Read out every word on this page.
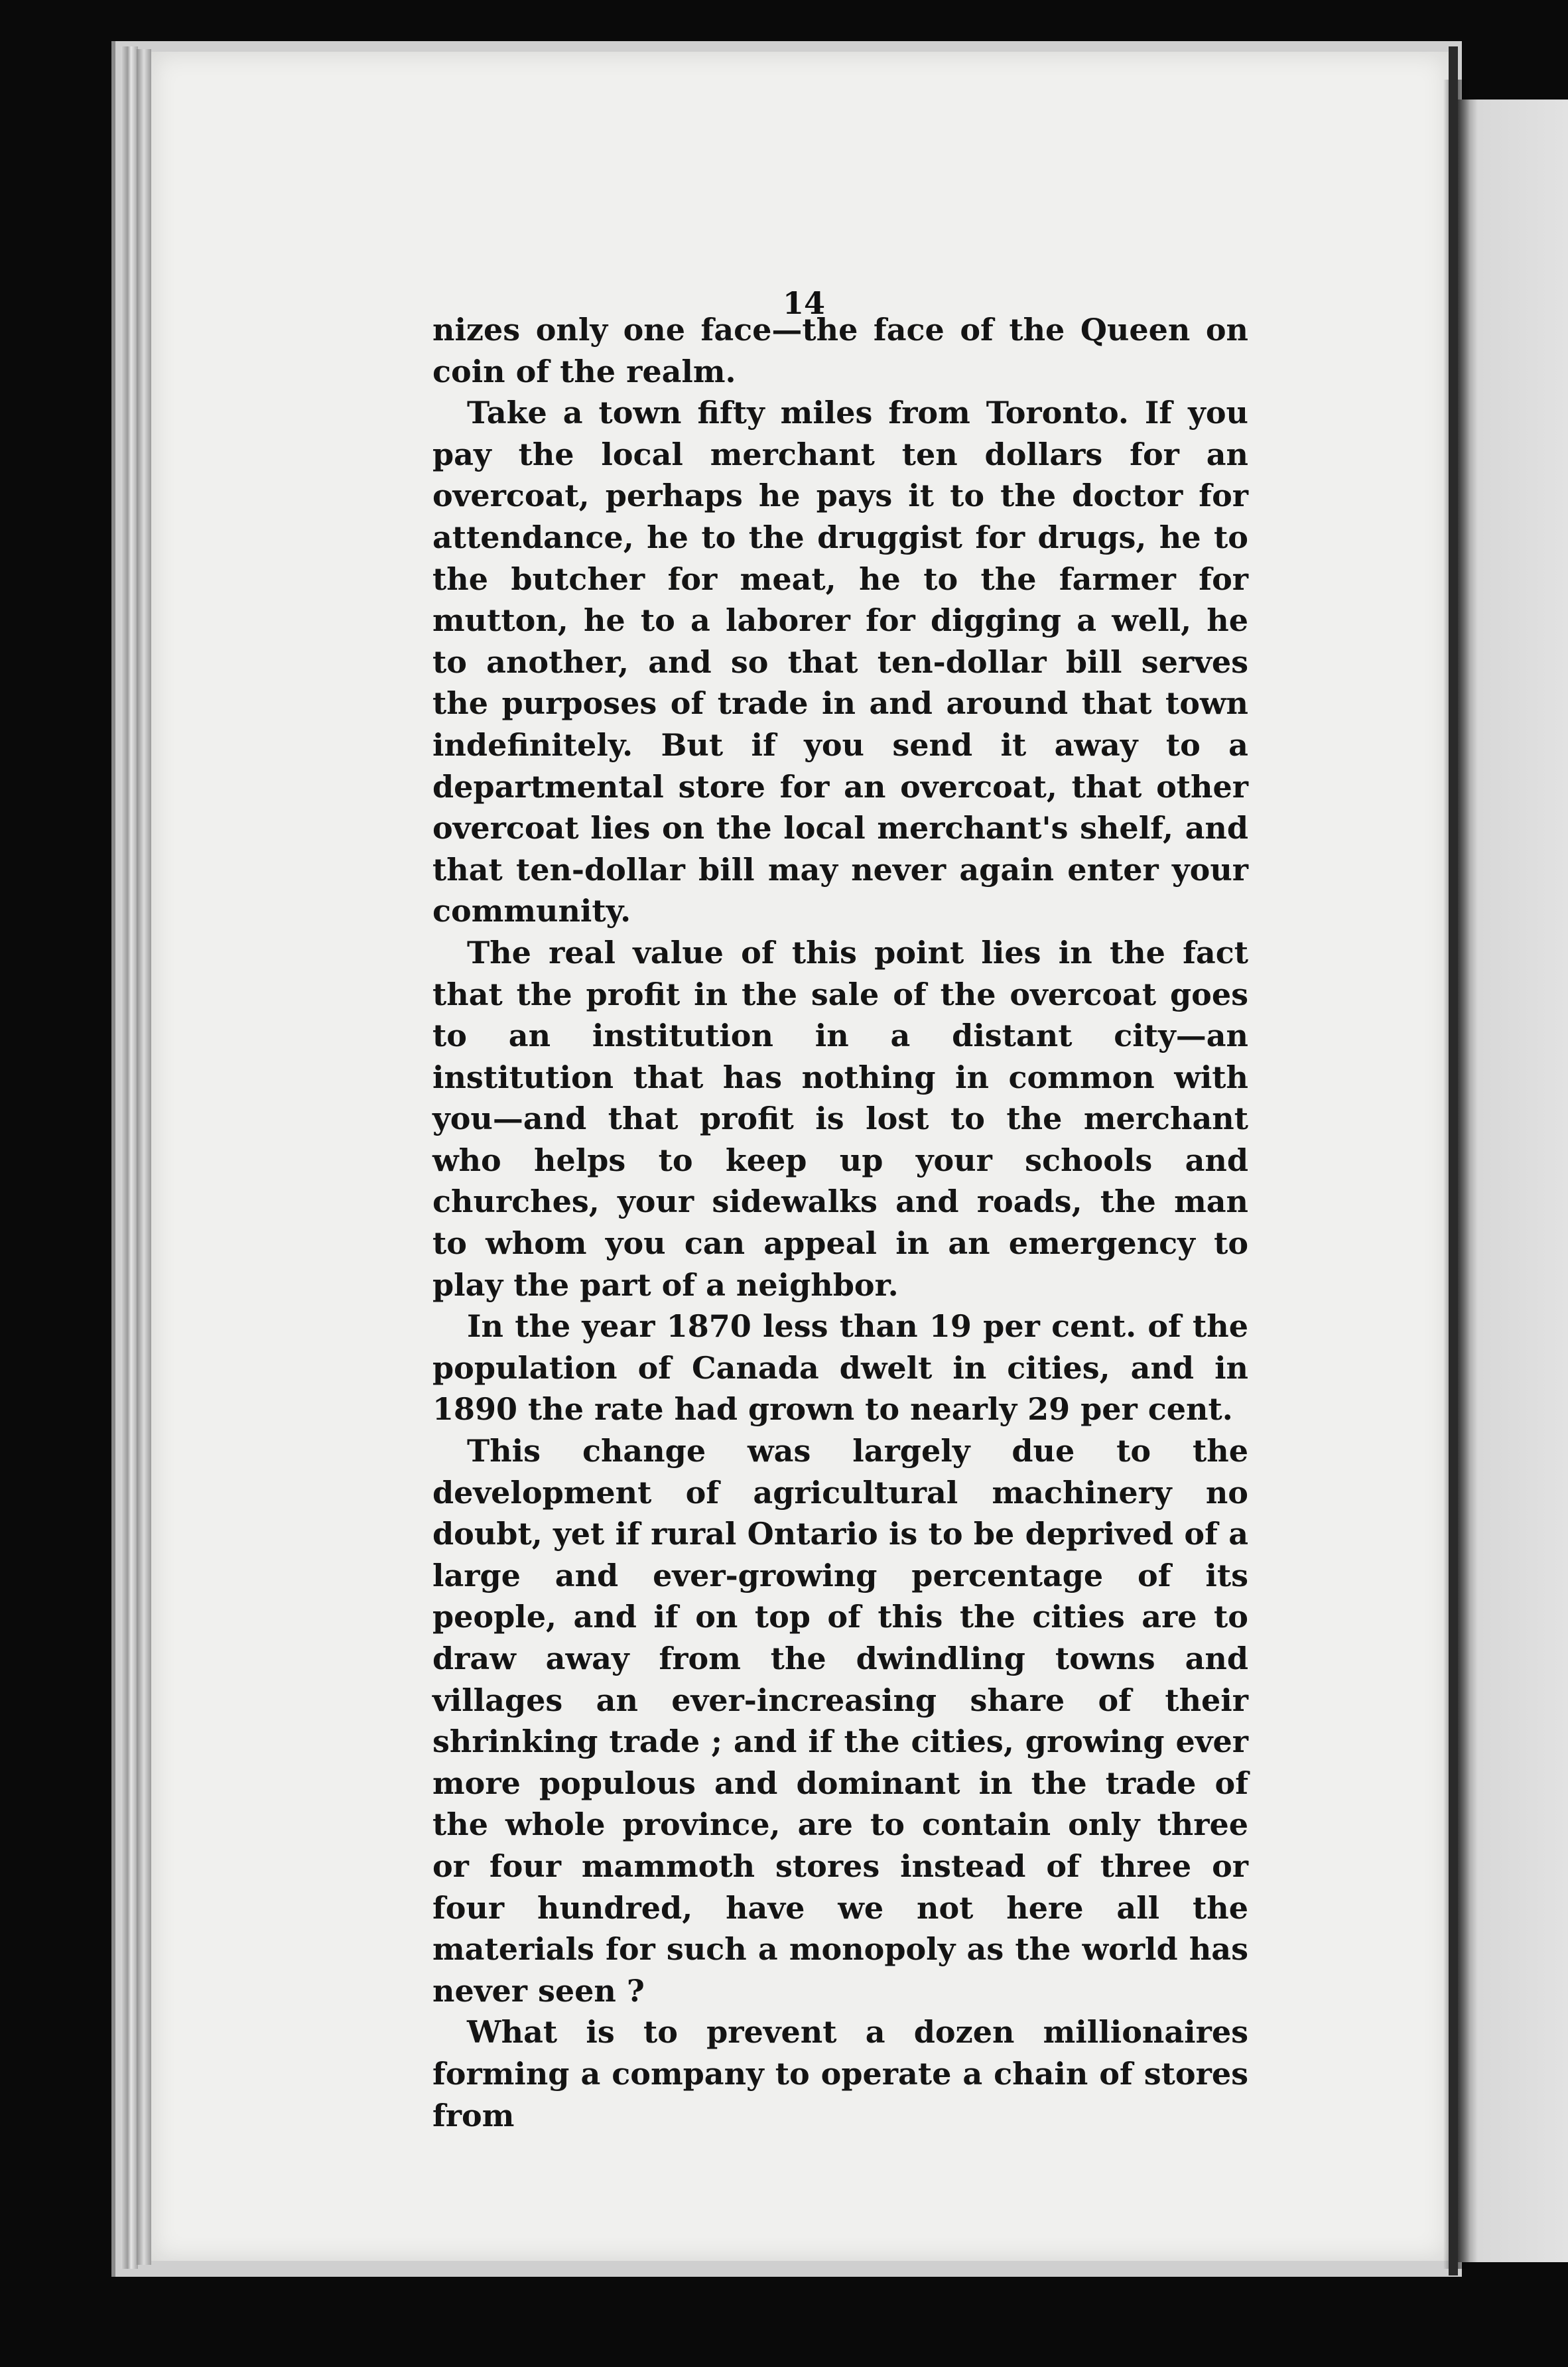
14

nizes only one face—the face of the Queen on coin of the realm.

Take a town fifty miles from Toronto. If you pay the local merchant ten dollars for an overcoat, perhaps he pays it to the doctor for attendance, he to the druggist for drugs, he to the butcher for meat, he to the farmer for mutton, he to a laborer for digging a well, he to another, and so that ten-dollar bill serves the purposes of trade in and around that town indefinitely. But if you send it away to a departmental store for an overcoat, that other overcoat lies on the local merchant's shelf, and that ten-dollar bill may never again enter your community.

The real value of this point lies in the fact that the profit in the sale of the overcoat goes to an institution in a distant city—an institution that has nothing in common with you—and that profit is lost to the merchant who helps to keep up your schools and churches, your sidewalks and roads, the man to whom you can appeal in an emergency to play the part of a neighbor.

In the year 1870 less than 19 per cent. of the population of Canada dwelt in cities, and in 1890 the rate had grown to nearly 29 per cent.

This change was largely due to the development of agricultural machinery no doubt, yet if rural Ontario is to be deprived of a large and ever-growing percentage of its people, and if on top of this the cities are to draw away from the dwindling towns and villages an ever-increasing share of their shrinking trade ; and if the cities, growing ever more populous and dominant in the trade of the whole province, are to contain only three or four mammoth stores instead of three or four hundred, have we not here all the materials for such a monopoly as the world has never seen ?

What is to prevent a dozen millionaires forming a company to operate a chain of stores from
